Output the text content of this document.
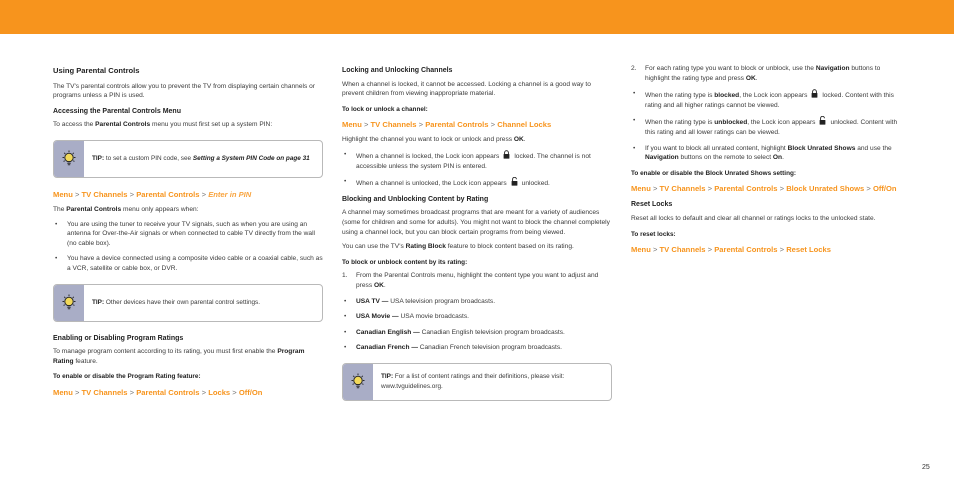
Using Parental Controls

The TV's parental controls allow you to prevent the TV from displaying certain channels or programs unless a PIN is used.

Accessing the Parental Controls Menu

To access the Parental Controls menu you must first set up a system PIN:

TIP: to set a custom PIN code, see Setting a System PIN Code on page 31
Menu > TV Channels > Parental Controls > Enter in PIN

The Parental Controls menu only appears when:

• You are using the tuner to receive your TV signals, such as when you are using an antenna for Over-the-Air signals or when connected to cable TV directly from the wall (no cable box).
• You have a device connected using a composite video cable or a coaxial cable, such as a VCR, satellite or cable box, or DVR.
TIP: Other devices have their own parental control settings.
Enabling or Disabling Program Ratings

To manage program content according to its rating, you must first enable the Program Rating feature.

To enable or disable the Program Rating feature:
Menu > TV Channels > Parental Controls > Locks > Off/On
Locking and Unlocking Channels

When a channel is locked, it cannot be accessed. Locking a channel is a good way to prevent children from viewing inappropriate material.

To lock or unlock a channel:
Menu > TV Channels > Parental Controls > Channel Locks

Highlight the channel you want to lock or unlock and press OK.

• When a channel is locked, the Lock icon appears locked. The channel is not accessible unless the system PIN is entered.
• When a channel is unlocked, the Lock icon appears unlocked.
Blocking and Unblocking Content by Rating

A channel may sometimes broadcast programs that are meant for a variety of audiences (some for children and some for adults). You might not want to block the channel completely using a channel lock, but you can block certain programs from being viewed.

You can use the TV's Rating Block feature to block content based on its rating.

To block or unblock content by its rating:
1. From the Parental Controls menu, highlight the content type you want to adjust and press OK.
• USA TV — USA television program broadcasts.
• USA Movie — USA movie broadcasts.
• Canadian English — Canadian English television program broadcasts.
• Canadian French — Canadian French television program broadcasts.
TIP: For a list of content ratings and their definitions, please visit:
www.tvguidelines.org.
2. For each rating type you want to block or unblock, use the Navigation buttons to highlight the rating type and press OK.
• When the rating type is blocked, the Lock icon appears locked. Content with this rating and all higher ratings cannot be viewed.
• When the rating type is unblocked, the Lock icon appears unlocked. Content with this rating and all lower ratings can be viewed.
• If you want to block all unrated content, highlight Block Unrated Shows and use the Navigation buttons on the remote to select On.
To enable or disable the Block Unrated Shows setting:
Menu > TV Channels > Parental Controls > Block Unrated Shows > Off/On
Reset Locks

Reset all locks to default and clear all channel or ratings locks to the unlocked state.

To reset locks:
Menu > TV Channels > Parental Controls > Reset Locks
25
